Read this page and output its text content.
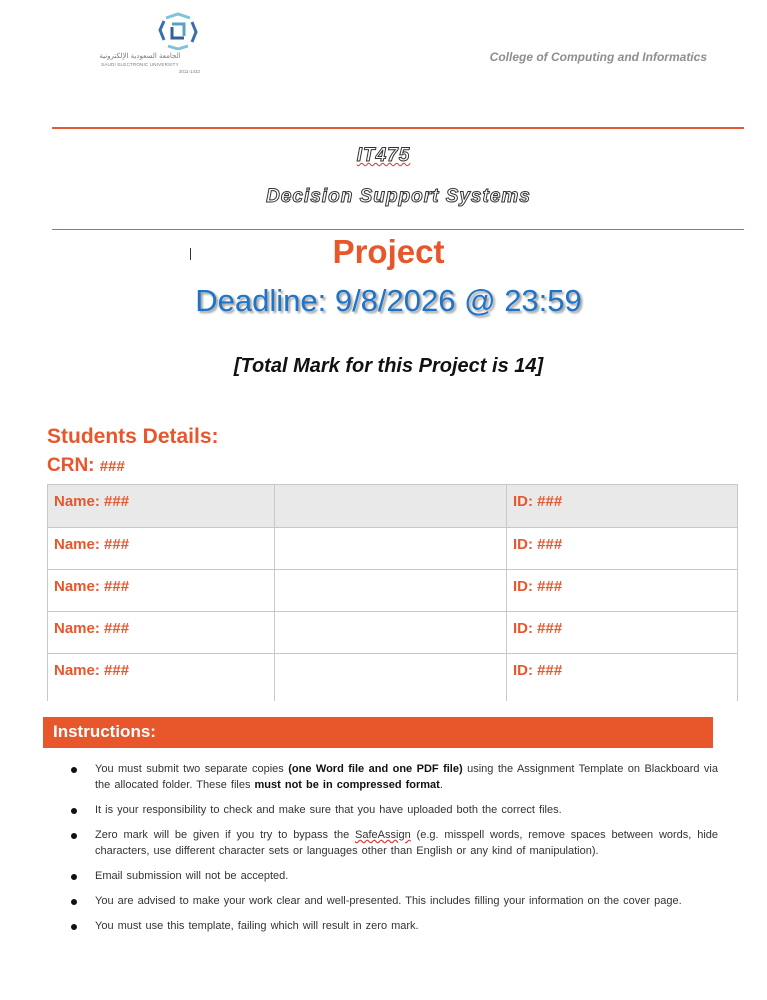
الجامعة السعودية الإلكترونية
SAUDI ELECTRONIC UNIVERSITY
2011-1432
College of Computing and Informatics
IT475
Decision Support Systems
Project
Deadline: 9/8/2026 @ 23:59
[Total Mark for this Project is 14]
Students Details:
CRN: ###
Name: ###		ID: ###
Name: ###		ID: ###
Name: ###		ID: ###
Name: ###		ID: ###
Name: ###		ID: ###
Instructions:
You must submit two separate copies (one Word file and one PDF file) using the Assignment Template on Blackboard via the allocated folder. These files must not be in compressed format.
It is your responsibility to check and make sure that you have uploaded both the correct files.
Zero mark will be given if you try to bypass the SafeAssign (e.g. misspell words, remove spaces between words, hide characters, use different character sets or languages other than English or any kind of manipulation).
Email submission will not be accepted.
You are advised to make your work clear and well-presented. This includes filling your information on the cover page.
You must use this template, failing which will result in zero mark.
